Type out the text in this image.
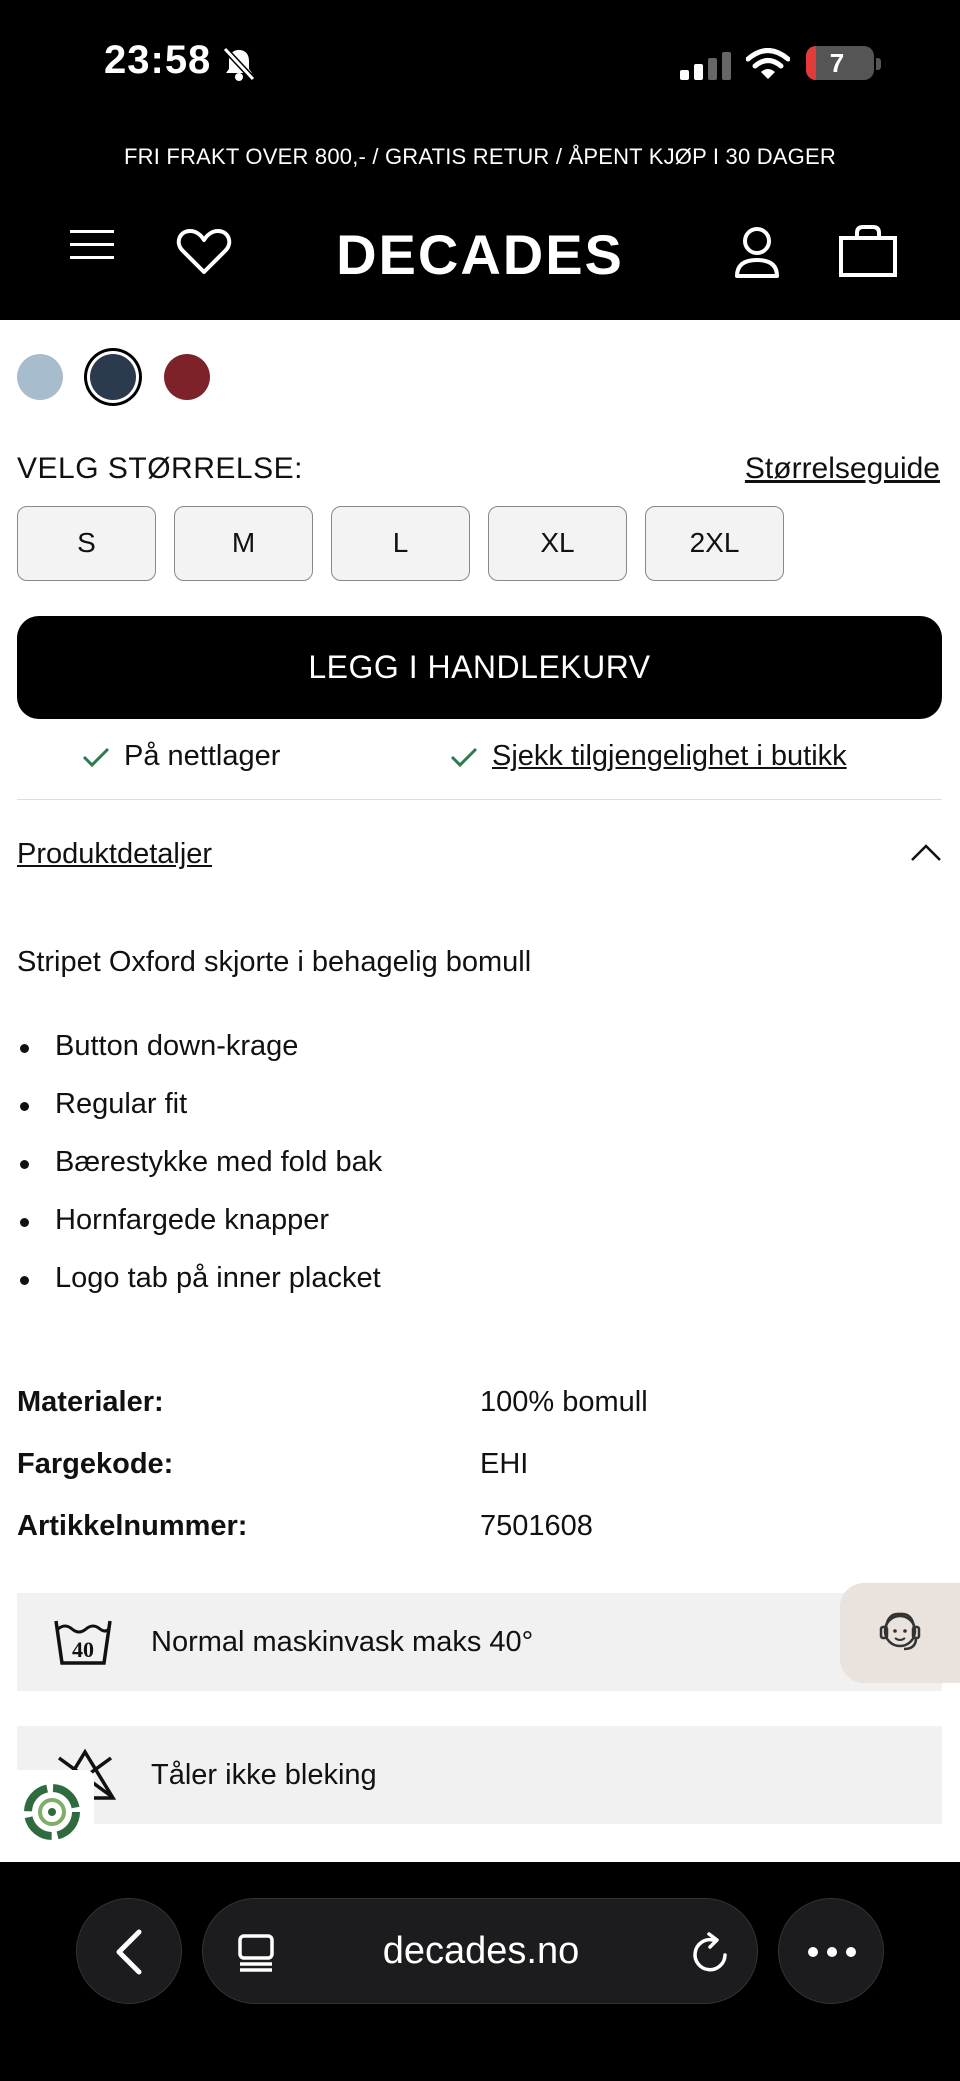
23:58	7
FRI FRAKT OVER 800,- / GRATIS RETUR / ÅPENT KJØP I 30 DAGER
DECADES
VELG STØRRELSE:	Størrelseguide
S	M	L	XL	2XL
LEGG I HANDLEKURV
På nettlager	Sjekk tilgjengelighet i butikk
Produktdetaljer
Stripet Oxford skjorte i behagelig bomull
Button down-krage
Regular fit
Bærestykke med fold bak
Hornfargede knapper
Logo tab på inner placket
Materialer:	100% bomull
Fargekode:	EHI
Artikkelnummer:	7501608
40 Normal maskinvask maks 40°
Tåler ikke bleking
decades.no
